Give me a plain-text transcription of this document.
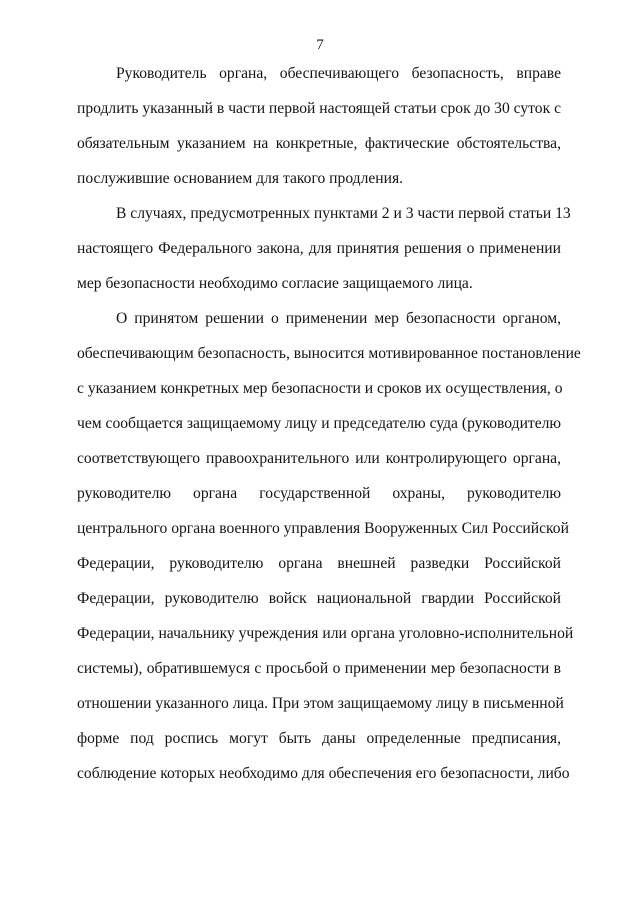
7
Руководитель органа, обеспечивающего безопасность, вправе
продлить указанный в части первой настоящей статьи срок до 30 суток с
обязательным указанием на конкретные, фактические обстоятельства,
послужившие основанием для такого продления.
В случаях, предусмотренных пунктами 2 и 3 части первой статьи 13
настоящего Федерального закона, для принятия решения о применении
мер безопасности необходимо согласие защищаемого лица.
О принятом решении о применении мер безопасности органом,
обеспечивающим безопасность, выносится мотивированное постановление
с указанием конкретных мер безопасности и сроков их осуществления, о
чем сообщается защищаемому лицу и председателю суда (руководителю
соответствующего правоохранительного или контролирующего органа,
руководителю органа государственной охраны, руководителю
центрального органа военного управления Вооруженных Сил Российской
Федерации, руководителю органа внешней разведки Российской
Федерации, руководителю войск национальной гвардии Российской
Федерации, начальнику учреждения или органа уголовно-исполнительной
системы), обратившемуся с просьбой о применении мер безопасности в
отношении указанного лица. При этом защищаемому лицу в письменной
форме под роспись могут быть даны определенные предписания,
соблюдение которых необходимо для обеспечения его безопасности, либо
